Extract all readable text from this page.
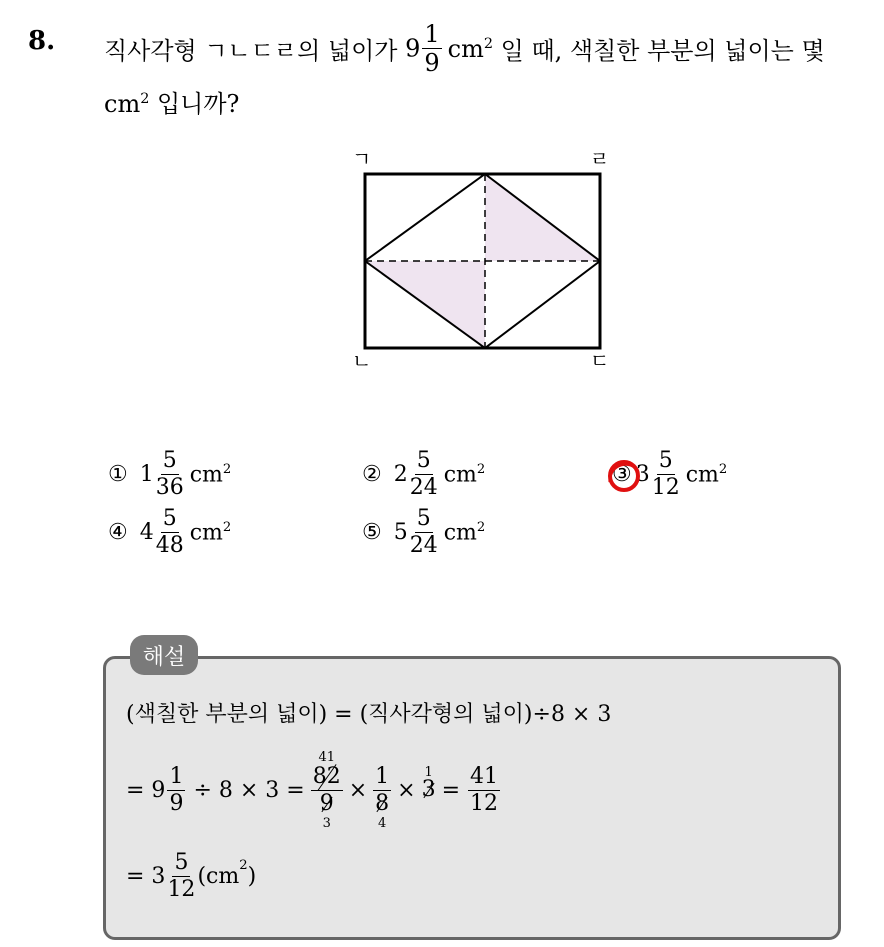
8. 직사각형 ㄱㄴㄷㄹ의 넓이가 $9 \frac{1}{9} cm^2$ 일 때, 색칠한 부분의 넓이는 몇
$cm^2$ 입니까?
ㄱ	ㄹ
ㄴ	ㄷ
① $1 \frac{5}{36} cm^2$	② $2 \frac{5}{24} cm^2$	③ $3 \frac{5}{12} cm^2$
④ $4 \frac{5}{48} cm^2$	⑤ $5 \frac{5}{24} cm^2$
해설
(색칠한 부분의 넓이) = (직사각형의 넓이)÷8 × 3
= $9 \frac{1}{9} \div 8 \times 3$ =
41
$\frac{82}{9}$
3
× $\frac{1}{8}$
4
×
1
$3 = \frac{41}{12}$
= $3 \frac{5}{12} (cm^2$ )
